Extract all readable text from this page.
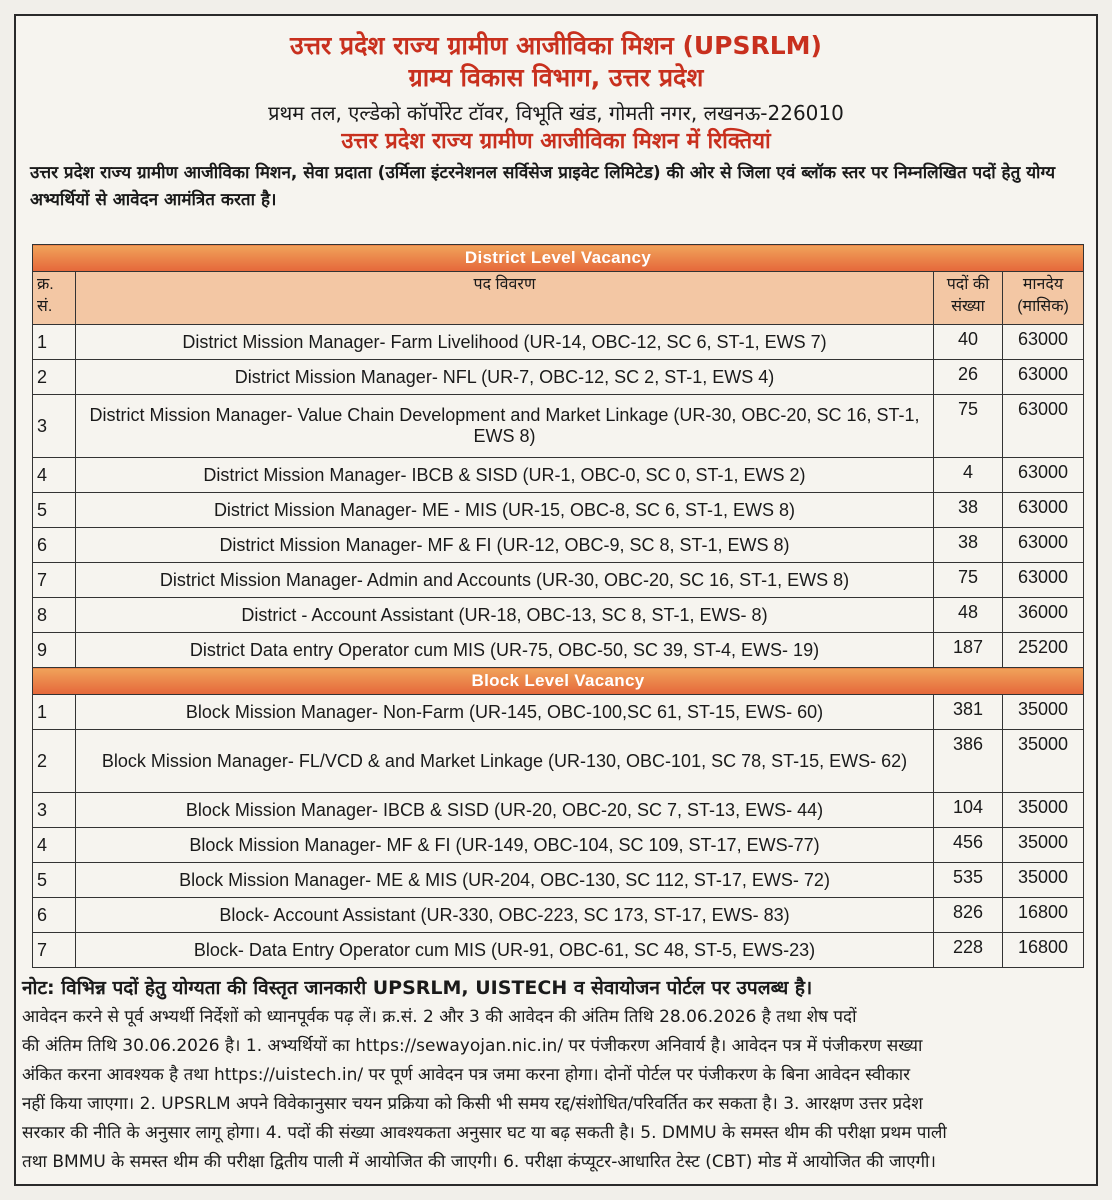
उत्तर प्रदेश राज्य ग्रामीण आजीविका मिशन (UPSRLM)
ग्राम्य विकास विभाग, उत्तर प्रदेश
प्रथम तल, एल्डेको कॉर्पोरेट टॉवर, विभूति खंड, गोमती नगर, लखनऊ-226010
उत्तर प्रदेश राज्य ग्रामीण आजीविका मिशन में रिक्तियां
उत्तर प्रदेश राज्य ग्रामीण आजीविका मिशन, सेवा प्रदाता (उर्मिला इंटरनेशनल सर्विसेज प्राइवेट लिमिटेड) की ओर से जिला एवं ब्लॉक स्तर पर निम्नलिखित पदों हेतु योग्य अभ्यर्थियों से आवेदन आमंत्रित करता है।
District Level Vacancy			
क्र. सं.	पद विवरण	पदों की संख्या	मानदेय (मासिक)
1	District Mission Manager- Farm Livelihood (UR-14, OBC-12, SC 6, ST-1, EWS 7)	40	63000
2	District Mission Manager- NFL (UR-7, OBC-12, SC 2, ST-1, EWS 4)	26	63000
3	District Mission Manager- Value Chain Development and Market Linkage (UR-30, OBC-20, SC 16, ST-1, EWS 8)	75	63000
4	District Mission Manager- IBCB & SISD (UR-1, OBC-0, SC 0, ST-1, EWS 2)	4	63000
5	District Mission Manager- ME - MIS (UR-15, OBC-8, SC 6, ST-1, EWS 8)	38	63000
6	District Mission Manager- MF & FI (UR-12, OBC-9, SC 8, ST-1, EWS 8)	38	63000
7	District Mission Manager- Admin and Accounts (UR-30, OBC-20, SC 16, ST-1, EWS 8)	75	63000
8	District - Account Assistant (UR-18, OBC-13, SC 8, ST-1, EWS- 8)	48	36000
9	District Data entry Operator cum MIS (UR-75, OBC-50, SC 39, ST-4, EWS- 19)	187	25200
Block Level Vacancy			
1	Block Mission Manager- Non-Farm (UR-145, OBC-100,SC 61, ST-15, EWS- 60)	381	35000
2	Block Mission Manager- FL/VCD & and Market Linkage (UR-130, OBC-101, SC 78, ST-15, EWS- 62)	386	35000
3	Block Mission Manager- IBCB & SISD (UR-20, OBC-20, SC 7, ST-13, EWS- 44)	104	35000
4	Block Mission Manager- MF & FI (UR-149, OBC-104, SC 109, ST-17, EWS-77)	456	35000
5	Block Mission Manager- ME & MIS (UR-204, OBC-130, SC 112, ST-17, EWS- 72)	535	35000
6	Block- Account Assistant (UR-330, OBC-223, SC 173, ST-17, EWS- 83)	826	16800
7	Block- Data Entry Operator cum MIS (UR-91, OBC-61, SC 48, ST-5, EWS-23)	228	16800

नोट: विभिन्न पदों हेतु योग्यता की विस्तृत जानकारी UPSRLM, UISTECH व सेवायोजन पोर्टल पर उपलब्ध है।

आवेदन करने से पूर्व अभ्यर्थी निर्देशों को ध्यानपूर्वक पढ़ लें। क्र.सं. 2 और 3 की आवेदन की अंतिम तिथि 28.06.2026 है तथा शेष पदों

की अंतिम तिथि 30.06.2026 है। 1. अभ्यर्थियों का https://sewayojan.nic.in/ पर पंजीकरण अनिवार्य है। आवेदन पत्र में पंजीकरण सख्या

अंकित करना आवश्यक है तथा https://uistech.in/ पर पूर्ण आवेदन पत्र जमा करना होगा। दोनों पोर्टल पर पंजीकरण के बिना आवेदन स्वीकार

नहीं किया जाएगा। 2. UPSRLM अपने विवेकानुसार चयन प्रक्रिया को किसी भी समय रद्द/संशोधित/परिवर्तित कर सकता है। 3. आरक्षण उत्तर प्रदेश

सरकार की नीति के अनुसार लागू होगा। 4. पदों की संख्या आवश्यकता अनुसार घट या बढ़ सकती है। 5. DMMU के समस्त थीम की परीक्षा प्रथम पाली

तथा BMMU के समस्त थीम की परीक्षा द्वितीय पाली में आयोजित की जाएगी। 6. परीक्षा कंप्यूटर-आधारित टेस्ट (CBT) मोड में आयोजित की जाएगी।
